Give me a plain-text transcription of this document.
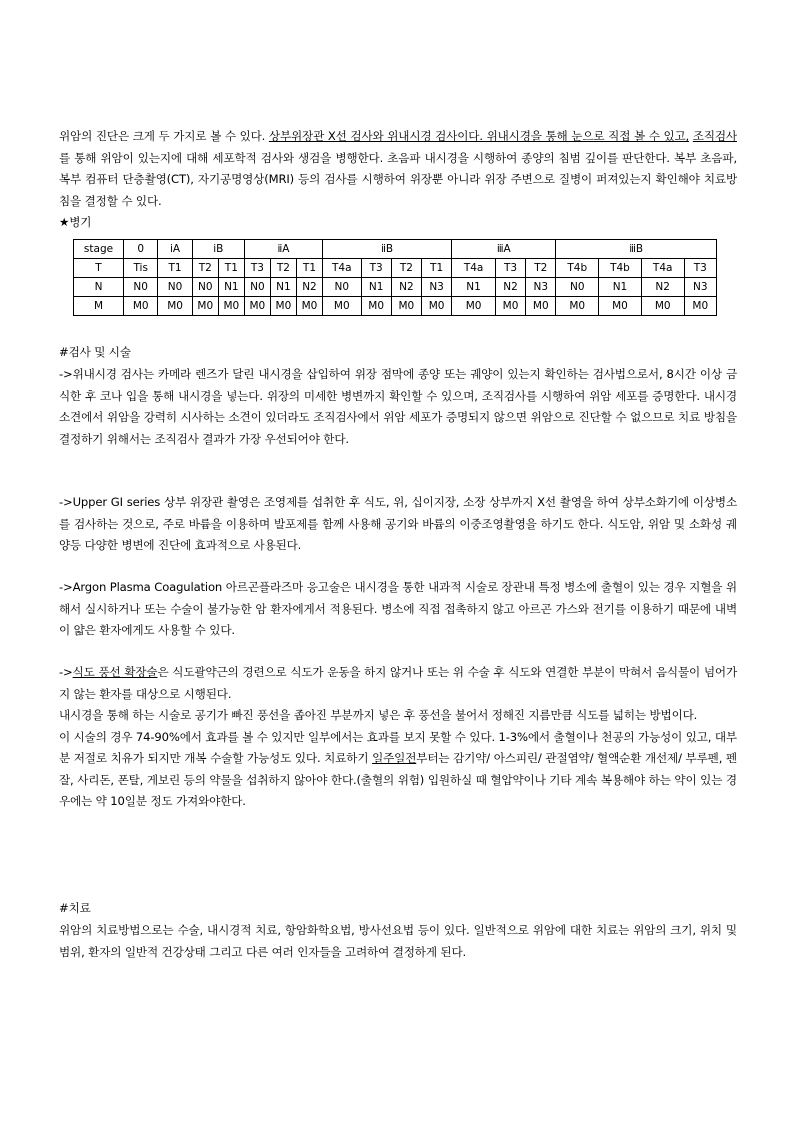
위암의 진단은 크게 두 가지로 볼 수 있다. 상부위장관 X선 검사와 위내시경 검사이다. 위내시경을 통해 눈으로 직접 볼 수 있고, 조직검사를 통해 위암이 있는지에 대해 세포학적 검사와 생검을 병행한다. 초음파 내시경을 시행하여 종양의 침범 깊이를 판단한다. 복부 초음파, 복부 컴퓨터 단층촬영(CT), 자기공명영상(MRI) 등의 검사를 시행하여 위장뿐 아니라 위장 주변으로 질병이 퍼져있는지 확인해야 치료방침을 결정할 수 있다.

★병기

stage	0	ⅰA	ⅰB		ⅱA			ⅱB				ⅲA			ⅲB			
T	Tis	T1	T2	T1	T3	T2	T1	T4a	T3	T2	T1	T4a	T3	T2	T4b	T4b	T4a	T3
N	N0	N0	N0	N1	N0	N1	N2	N0	N1	N2	N3	N1	N2	N3	N0	N1	N2	N3
M	M0	M0	M0	M0	M0	M0	M0	M0	M0	M0	M0	M0	M0	M0	M0	M0	M0	M0

#검사 및 시술

->위내시경 검사는 카메라 렌즈가 달린 내시경을 삽입하여 위장 점막에 종양 또는 궤양이 있는지 확인하는 검사법으로서, 8시간 이상 금식한 후 코나 입을 통해 내시경을 넣는다. 위장의 미세한 병변까지 확인할 수 있으며, 조직검사를 시행하여 위암 세포를 증명한다. 내시경 소견에서 위암을 강력히 시사하는 소견이 있더라도 조직검사에서 위암 세포가 증명되지 않으면 위암으로 진단할 수 없으므로 치료 방침을 결정하기 위해서는 조직검사 결과가 가장 우선되어야 한다.

->Upper GI series 상부 위장관 촬영은 조영제를 섭취한 후 식도, 위, 십이지장, 소장 상부까지 X선 촬영을 하여 상부소화기에 이상병소를 검사하는 것으로, 주로 바륨을 이용하며 발포제를 함께 사용해 공기와 바륨의 이중조영촬영을 하기도 한다. 식도암, 위암 및 소화성 궤양등 다양한 병변에 진단에 효과적으로 사용된다.

->Argon Plasma Coagulation 아르곤플라즈마 응고술은 내시경을 통한 내과적 시술로 장관내 특정 병소에 출혈이 있는 경우 지혈을 위해서 실시하거나 또는 수술이 불가능한 암 환자에게서 적용된다. 병소에 직접 접촉하지 않고 아르곤 가스와 전기를 이용하기 때문에 내벽이 얇은 환자에게도 사용할 수 있다.

->식도 풍선 확장술은 식도괄약근의 경련으로 식도가 운동을 하지 않거나 또는 위 수술 후 식도와 연결한 부분이 막혀서 음식물이 넘어가지 않는 환자를 대상으로 시행된다.

내시경을 통해 하는 시술로 공기가 빠진 풍선을 좁아진 부분까지 넣은 후 풍선을 불어서 정해진 지름만큼 식도를 넓히는 방법이다.

이 시술의 경우 74-90%에서 효과를 볼 수 있지만 일부에서는 효과를 보지 못할 수 있다. 1-3%에서 출혈이나 천공의 가능성이 있고, 대부분 저절로 치유가 되지만 개복 수술할 가능성도 있다. 치료하기 일주일전부터는 감기약/ 아스피린/ 관절염약/ 혈액순환 개선제/ 부루펜, 펜잘, 사리돈, 폰탈, 게보린 등의 약물을 섭취하지 않아야 한다.(출혈의 위험) 입원하실 때 혈압약이나 기타 계속 복용해야 하는 약이 있는 경우에는 약 10일분 정도 가져와야한다.

#치료

위암의 치료방법으로는 수술, 내시경적 치료, 항암화학요법, 방사선요법 등이 있다. 일반적으로 위암에 대한 치료는 위암의 크기, 위치 및 범위, 환자의 일반적 건강상태 그리고 다른 여러 인자들을 고려하여 결정하게 된다.
